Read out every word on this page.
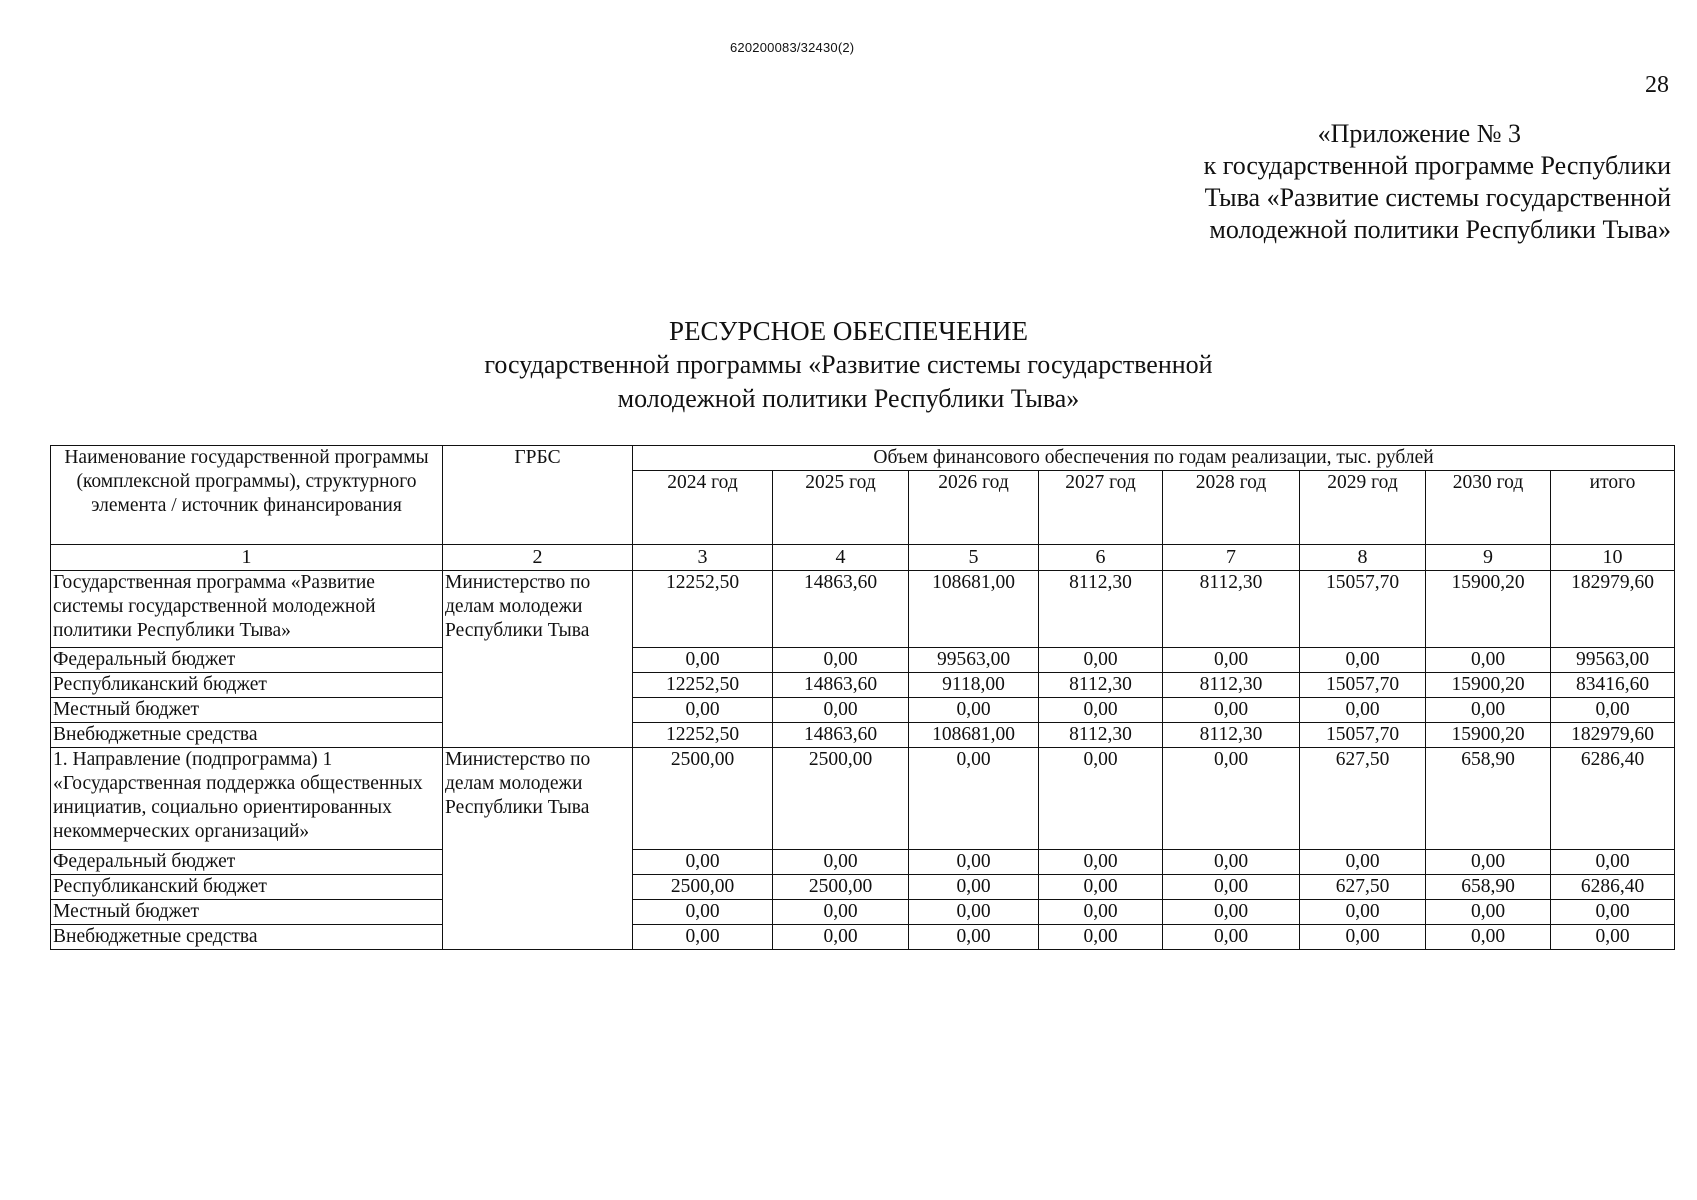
620200083/32430(2)
28
«Приложение № 3
к государственной программе Республики
Тыва «Развитие системы государственной
молодежной политики Республики Тыва»
РЕСУРСНОЕ ОБЕСПЕЧЕНИЕ
государственной программы «Развитие системы государственной
молодежной политики Республики Тыва»
Наименование государственной программы (комплексной программы), структурного элемента / источник финансирования	ГРБС	Объем финансового обеспечения по годам реализации, тыс. рублей							
		2024 год	2025 год	2026 год	2027 год	2028 год	2029 год	2030 год	итого
1	2	3	4	5	6	7	8	9	10
Государственная программа «Развитие системы государственной молодежной политики Республики Тыва»	Министерство по делам молодежи Республики Тыва	12252,50	14863,60	108681,00	8112,30	8112,30	15057,70	15900,20	182979,60
Федеральный бюджет		0,00	0,00	99563,00	0,00	0,00	0,00	0,00	99563,00
Республиканский бюджет		12252,50	14863,60	9118,00	8112,30	8112,30	15057,70	15900,20	83416,60
Местный бюджет		0,00	0,00	0,00	0,00	0,00	0,00	0,00	0,00
Внебюджетные средства		12252,50	14863,60	108681,00	8112,30	8112,30	15057,70	15900,20	182979,60
1. Направление (подпрограмма) 1 «Государственная поддержка общественных инициатив, социально ориентированных некоммерческих организаций»	Министерство по делам молодежи Республики Тыва	2500,00	2500,00	0,00	0,00	0,00	627,50	658,90	6286,40
Федеральный бюджет		0,00	0,00	0,00	0,00	0,00	0,00	0,00	0,00
Республиканский бюджет		2500,00	2500,00	0,00	0,00	0,00	627,50	658,90	6286,40
Местный бюджет		0,00	0,00	0,00	0,00	0,00	0,00	0,00	0,00
Внебюджетные средства		0,00	0,00	0,00	0,00	0,00	0,00	0,00	0,00
